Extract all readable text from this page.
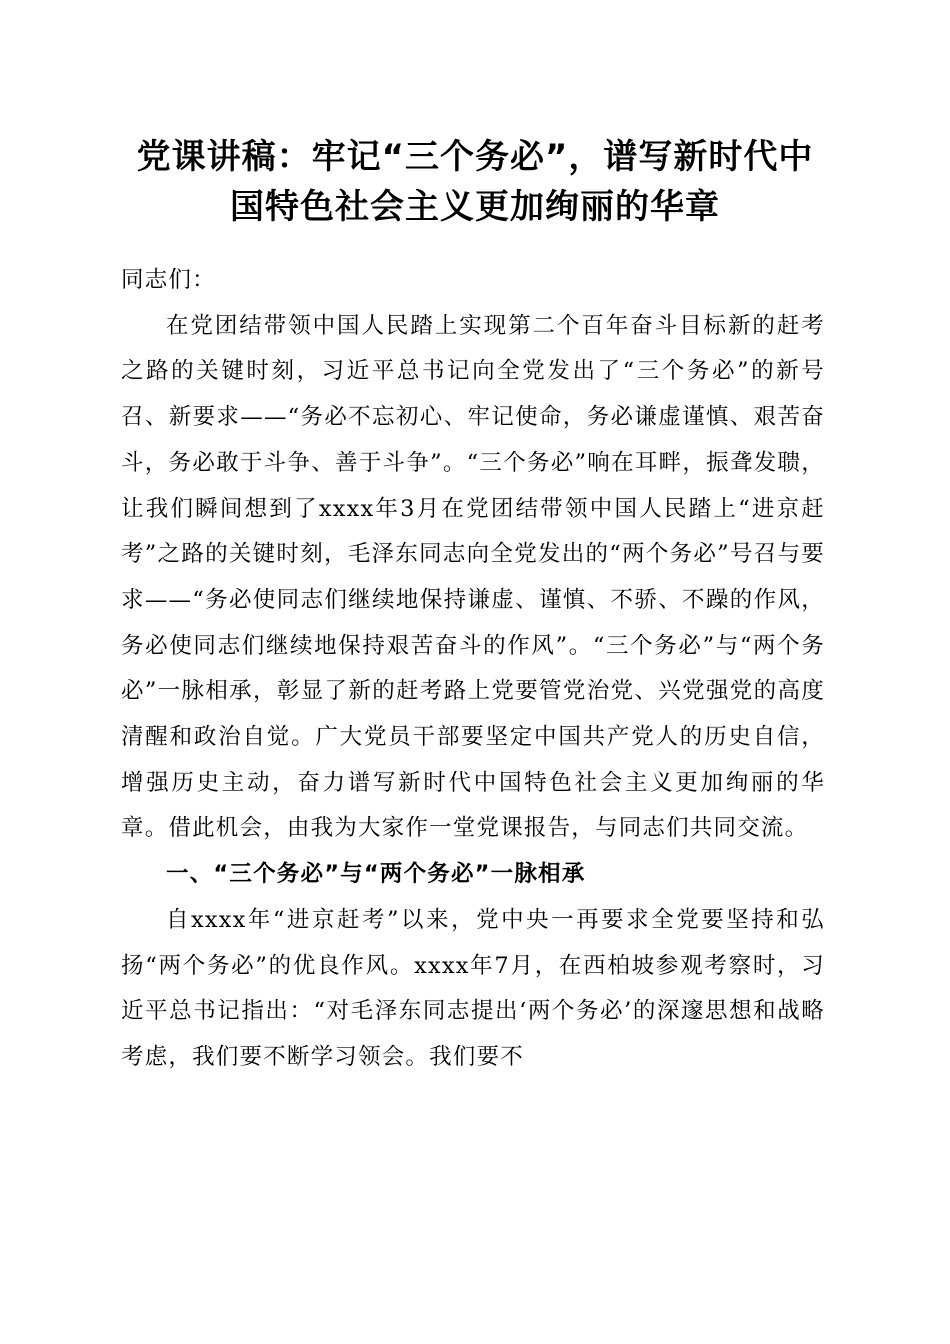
党课讲稿：牢记“三个务必”，谱写新时代中
国特色社会主义更加绚丽的华章

同志们：

在党团结带领中国人民踏上实现第二个百年奋斗目标新的赶考之路的关键时刻，习近平总书记向全党发出了“三个务必”的新号召、新要求——“务必不忘初心、牢记使命，务必谦虚谨慎、艰苦奋斗，务必敢于斗争、善于斗争”。“三个务必”响在耳畔，振聋发聩，让我们瞬间想到了xxxx年3月在党团结带领中国人民踏上“进京赶考”之路的关键时刻，毛泽东同志向全党发出的“两个务必”号召与要求——“务必使同志们继续地保持谦虚、谨慎、不骄、不躁的作风，务必使同志们继续地保持艰苦奋斗的作风”。“三个务必”与“两个务必”一脉相承，彰显了新的赶考路上党要管党治党、兴党强党的高度清醒和政治自觉。广大党员干部要坚定中国共产党人的历史自信，增强历史主动，奋力谱写新时代中国特色社会主义更加绚丽的华章。借此机会，由我为大家作一堂党课报告，与同志们共同交流。

一、“三个务必”与“两个务必”一脉相承

自xxxx年“进京赶考”以来，党中央一再要求全党要坚持和弘扬“两个务必”的优良作风。xxxx年7月，在西柏坡参观考察时，习近平总书记指出：“对毛泽东同志提出‘两个务必’的深邃思想和战略考虑，我们要不断学习领会。我们要不
